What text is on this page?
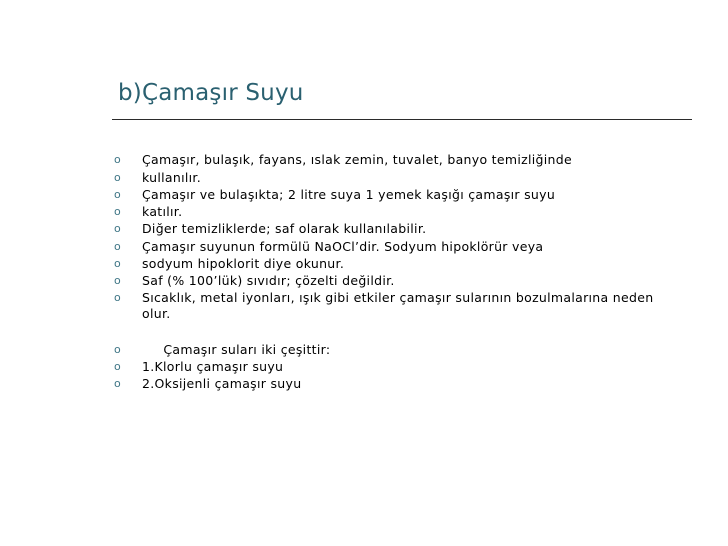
b)Çamaşır Suyu
o Çamaşır, bulaşık, fayans, ıslak zemin, tuvalet, banyo temizliğinde
o kullanılır.
o Çamaşır ve bulaşıkta; 2 litre suya 1 yemek kaşığı çamaşır suyu
o katılır.
o Diğer temizliklerde; saf olarak kullanılabilir.
o Çamaşır suyunun formülü NaOCl’dir. Sodyum hipoklörür veya
o sodyum hipoklorit diye okunur.
o Saf (% 100’lük) sıvıdır; çözelti değildir.
o Sıcaklık, metal iyonları, ışık gibi etkiler çamaşır sularının bozulmalarına neden
olur.
o Çamaşır suları iki çeşittir:
o 1.Klorlu çamaşır suyu
o 2.Oksijenli çamaşır suyu
